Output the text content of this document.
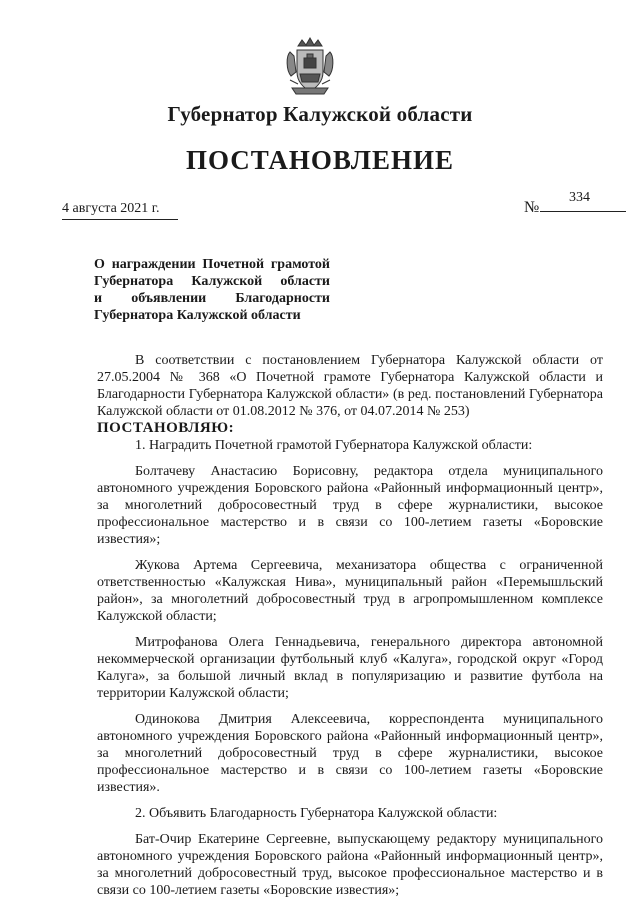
Губернатор Калужской области
ПОСТАНОВЛЕНИЕ
4 августа 2021 г.	№
334
О награждении Почетной грамотой
Губернатора Калужской области
и объявлении Благодарности
Губернатора Калужской области

В соответствии с постановлением Губернатора Калужской области от 27.05.2004 № 368 «О Почетной грамоте Губернатора Калужской области и Благодарности Губернатора Калужской области» (в ред. постановлений Губернатора Калужской области от 01.08.2012 № 376, от 04.07.2014 № 253)

ПОСТАНОВЛЯЮ:

1. Наградить Почетной грамотой Губернатора Калужской области:

Болтачеву Анастасию Борисовну, редактора отдела муниципального автономного учреждения Боровского района «Районный информационный центр», за многолетний добросовестный труд в сфере журналистики, высокое профессиональное мастерство и в связи со 100-летием газеты «Боровские известия»;

Жукова Артема Сергеевича, механизатора общества с ограниченной ответственностью «Калужская Нива», муниципальный район «Перемышльский район», за многолетний добросовестный труд в агропромышленном комплексе Калужской области;

Митрофанова Олега Геннадьевича, генерального директора автономной некоммерческой организации футбольный клуб «Калуга», городской округ «Город Калуга», за большой личный вклад в популяризацию и развитие футбола на территории Калужской области;

Одинокова Дмитрия Алексеевича, корреспондента муниципального автономного учреждения Боровского района «Районный информационный центр», за многолетний добросовестный труд в сфере журналистики, высокое профессиональное мастерство и в связи со 100-летием газеты «Боровские известия».

2. Объявить Благодарность Губернатора Калужской области:

Бат-Очир Екатерине Сергеевне, выпускающему редактору муниципального автономного учреждения Боровского района «Районный информационный центр», за многолетний добросовестный труд, высокое профессиональное мастерство и в связи со 100-летием газеты «Боровские известия»;
